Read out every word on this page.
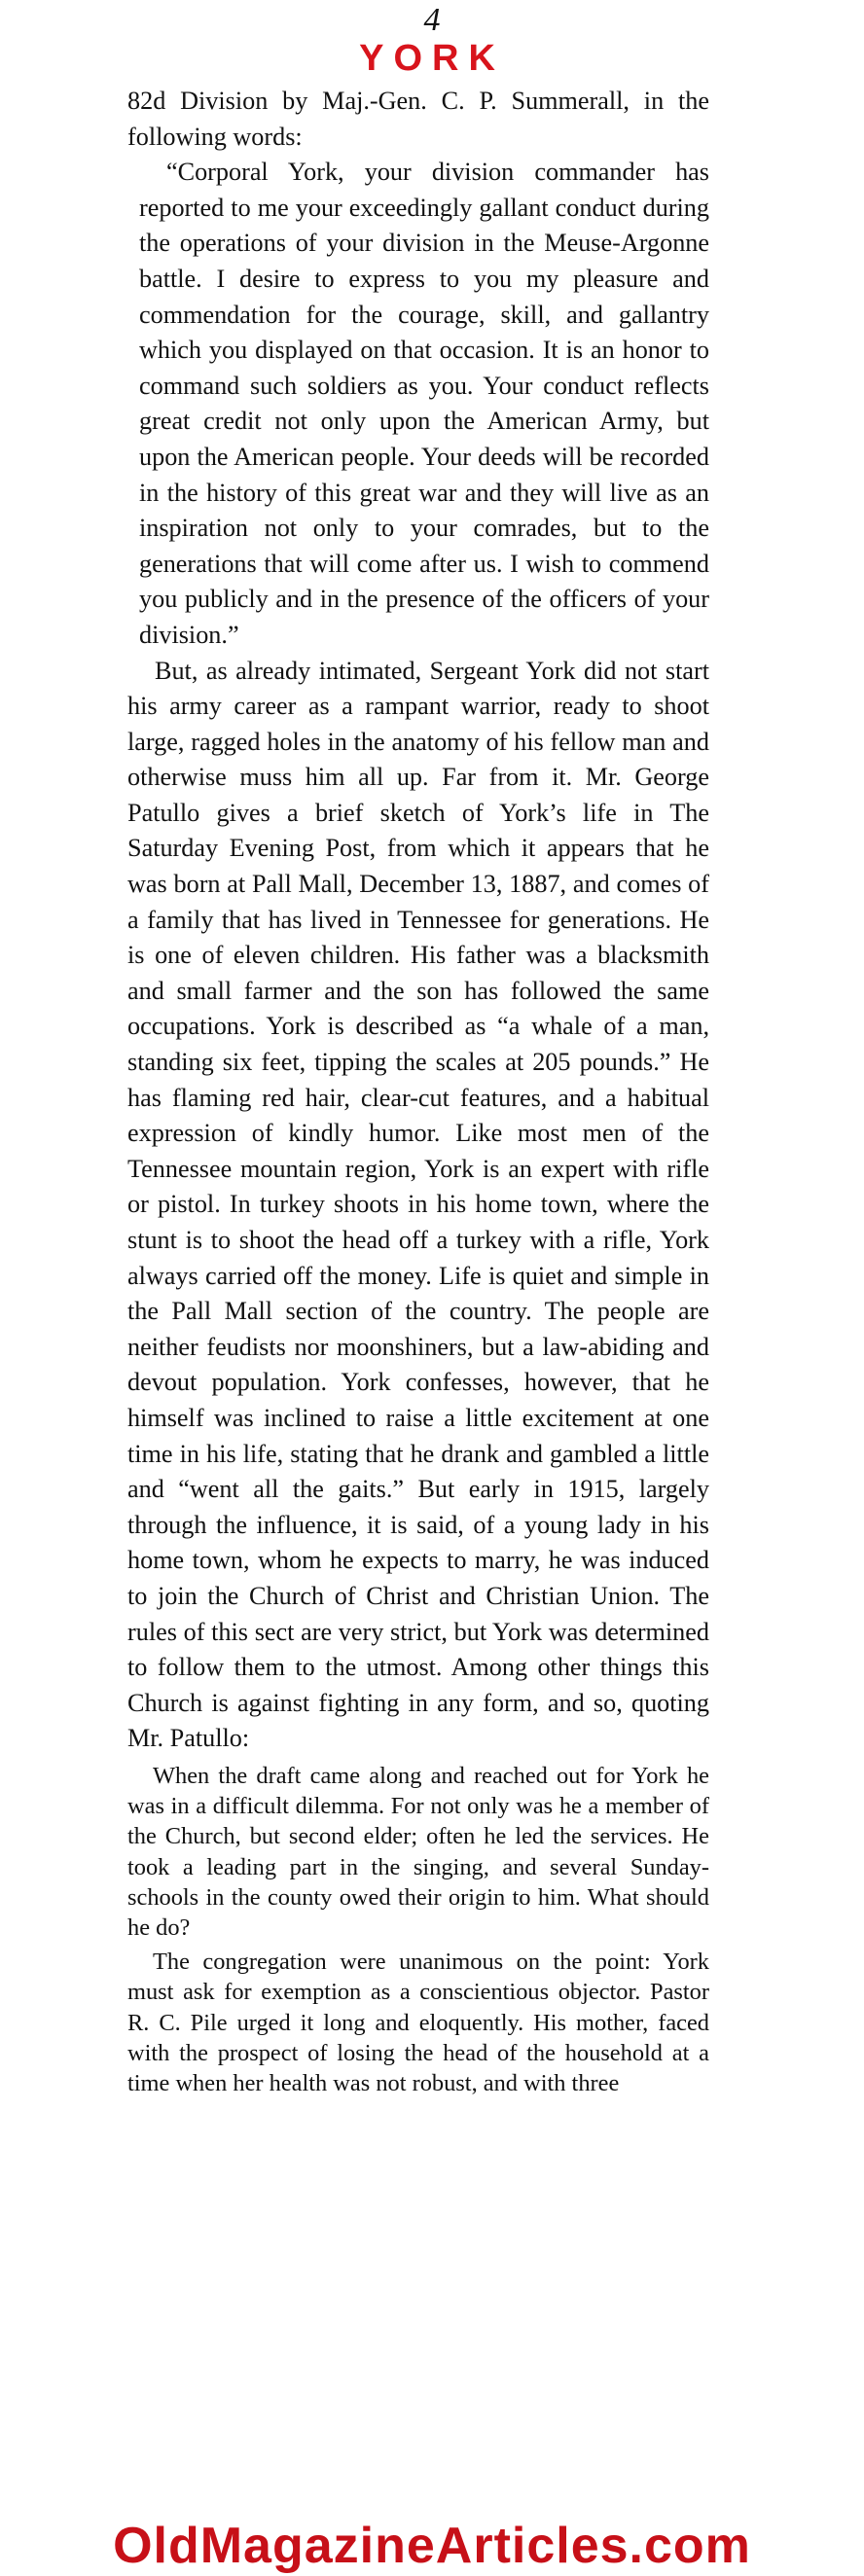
4
YORK

82d Division by Maj.-Gen. C. P. Summerall, in the following words:

“Corporal York, your division commander has reported to me your exceedingly gallant conduct during the operations of your division in the Meuse-Argonne battle. I desire to express to you my pleasure and commendation for the courage, skill, and gallantry which you displayed on that occasion. It is an honor to command such soldiers as you. Your conduct reflects great credit not only upon the American Army, but upon the American people. Your deeds will be recorded in the history of this great war and they will live as an inspiration not only to your comrades, but to the generations that will come after us. I wish to commend you publicly and in the presence of the officers of your division.”

But, as already intimated, Sergeant York did not start his army career as a rampant warrior, ready to shoot large, ragged holes in the anatomy of his fellow man and otherwise muss him all up. Far from it. Mr. George Patullo gives a brief sketch of York’s life in The Saturday Evening Post, from which it appears that he was born at Pall Mall, December 13, 1887, and comes of a family that has lived in Tennessee for generations. He is one of eleven children. His father was a blacksmith and small farmer and the son has followed the same occupations. York is described as “a whale of a man, standing six feet, tipping the scales at 205 pounds.” He has flaming red hair, clear-cut features, and a habitual expression of kindly humor. Like most men of the Tennessee mountain region, York is an expert with rifle or pistol. In turkey shoots in his home town, where the stunt is to shoot the head off a turkey with a rifle, York always carried off the money. Life is quiet and simple in the Pall Mall section of the country. The people are neither feudists nor moonshiners, but a law-abiding and devout population. York confesses, however, that he himself was inclined to raise a little excitement at one time in his life, stating that he drank and gambled a little and “went all the gaits.” But early in 1915, largely through the influence, it is said, of a young lady in his home town, whom he expects to marry, he was induced to join the Church of Christ and Christian Union. The rules of this sect are very strict, but York was determined to follow them to the utmost. Among other things this Church is against fighting in any form, and so, quoting Mr. Patullo:

When the draft came along and reached out for York he was in a difficult dilemma. For not only was he a member of the Church, but second elder; often he led the services. He took a leading part in the singing, and several Sunday-schools in the county owed their origin to him. What should he do?

The congregation were unanimous on the point: York must ask for exemption as a conscientious objector. Pastor R. C. Pile urged it long and eloquently. His mother, faced with the prospect of losing the head of the household at a time when her health was not robust, and with three

OldMagazineArticles.com
